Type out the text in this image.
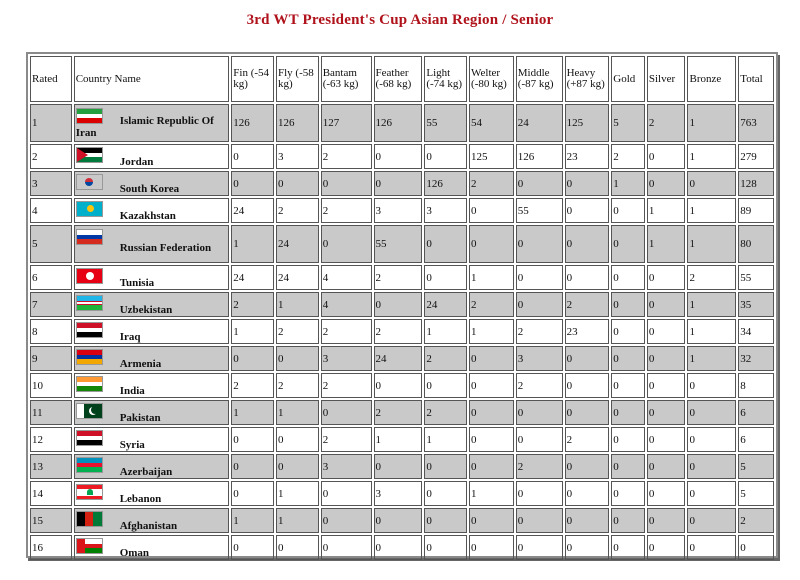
3rd WT President's Cup Asian Region / Senior
Rated	Country Name	Fin (-54 kg)	Fly (-58 kg)	Bantam (-63 kg)	Feather (-68 kg)	Light (-74 kg)	Welter (-80 kg)	Middle (-87 kg)	Heavy (+87 kg)	Gold	Silver	Bronze	Total
1	Islamic Republic Of Iran	126	126	127	126	55	54	24	125	5	2	1	763
2	Jordan	0	3	2	0	0	125	126	23	2	0	1	279
3	South Korea	0	0	0	0	126	2	0	0	1	0	0	128
4	Kazakhstan	24	2	2	3	3	0	55	0	0	1	1	89
5	Russian Federation	1	24	0	55	0	0	0	0	0	1	1	80
6	Tunisia	24	24	4	2	0	1	0	0	0	0	2	55
7	Uzbekistan	2	1	4	0	24	2	0	2	0	0	1	35
8	Iraq	1	2	2	2	1	1	2	23	0	0	1	34
9	Armenia	0	0	3	24	2	0	3	0	0	0	1	32
10	India	2	2	2	0	0	0	2	0	0	0	0	8
11	Pakistan	1	1	0	2	2	0	0	0	0	0	0	6
12	Syria	0	0	2	1	1	0	0	2	0	0	0	6
13	Azerbaijan	0	0	3	0	0	0	2	0	0	0	0	5
14	Lebanon	0	1	0	3	0	1	0	0	0	0	0	5
15	Afghanistan	1	1	0	0	0	0	0	0	0	0	0	2
16	Oman	0	0	0	0	0	0	0	0	0	0	0	0
